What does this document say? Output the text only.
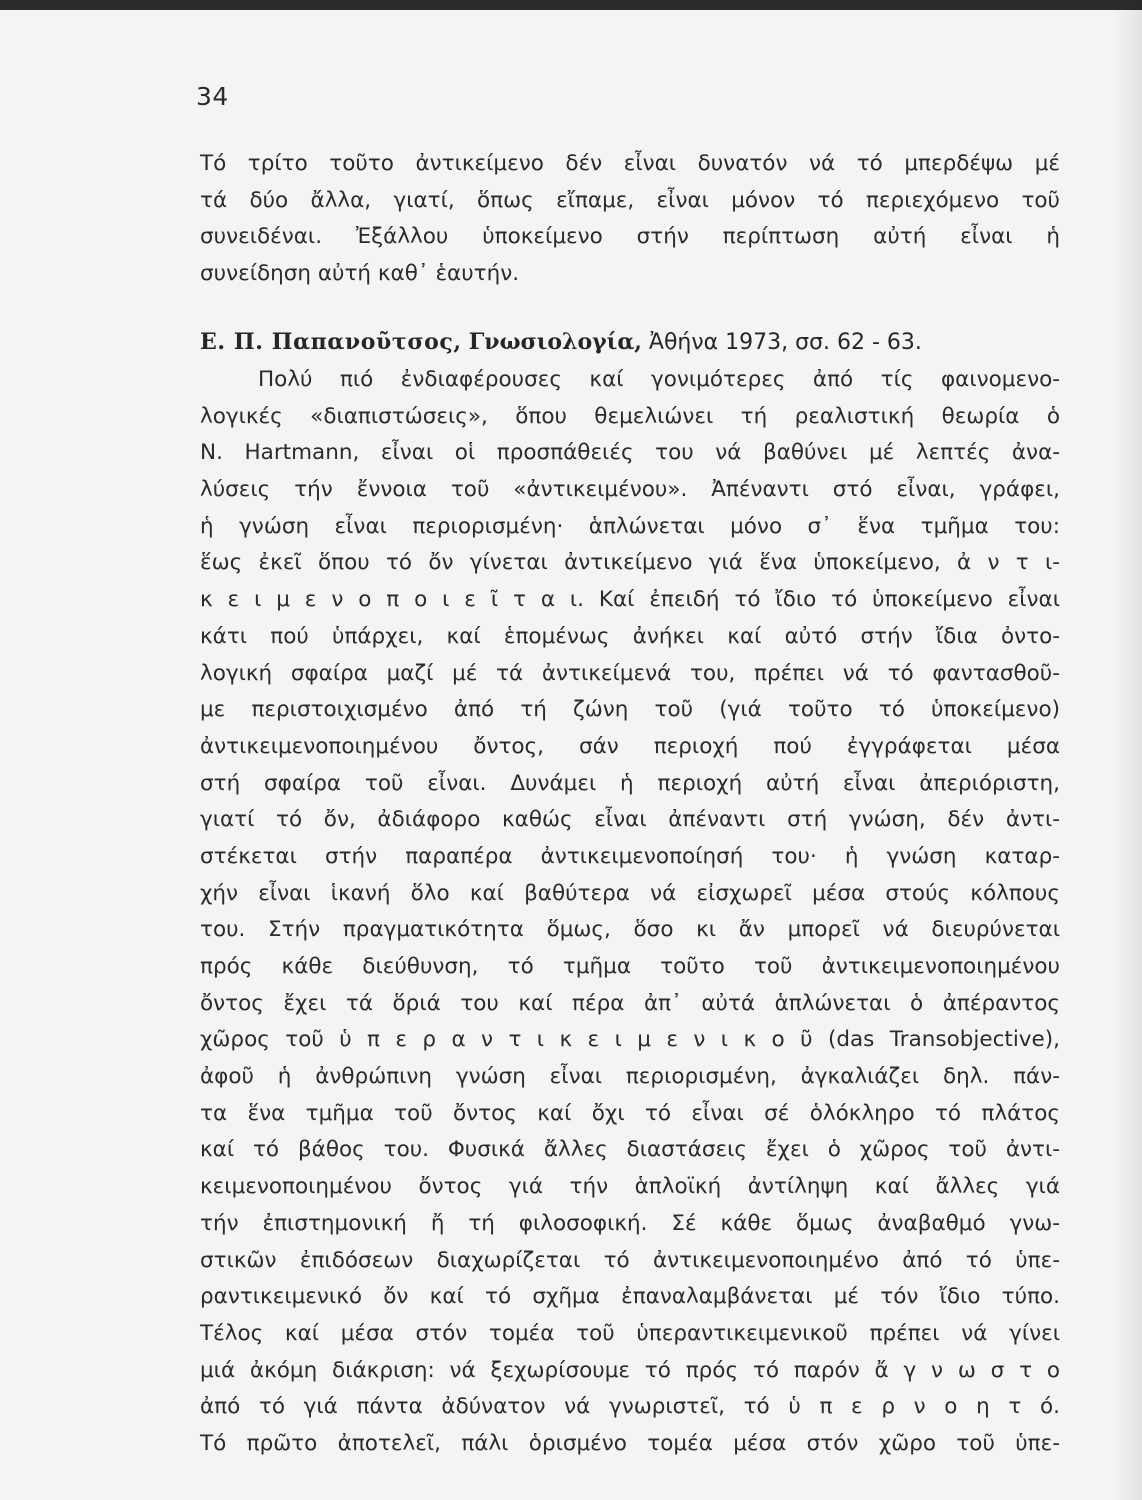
34
Τό τρίτο τοῦτο ἀντικείμενο δέν εἶναι δυνατόν νά τό μπερδέψω μέ
τά δύο ἄλλα, γιατί, ὅπως εἴπαμε, εἶναι μόνον τό περιεχόμενο τοῦ
συνειδέναι. Ἐξάλλου ὑποκείμενο στήν περίπτωση αὐτή εἶναι ἡ
συνείδηση αὐτή καθ᾿ ἑαυτήν.
Ε. Π. Παπανοῦτσος, Γνωσιολογία, Ἀθήνα 1973, σσ. 62 - 63.
Πολύ πιό ἐνδιαφέρουσες καί γονιμότερες ἀπό τίς φαινομενο-
λογικές «διαπιστώσεις», ὅπου θεμελιώνει τή ρεαλιστική θεωρία ὁ
N. Hartmann, εἶναι οἱ προσπάθειές του νά βαθύνει μέ λεπτές ἀνα-
λύσεις τήν ἔννοια τοῦ «ἀντικειμένου». Ἀπέναντι στό εἶναι, γράφει,
ἡ γνώση εἶναι περιορισμένη· ἁπλώνεται μόνο σ᾿ ἕνα τμῆμα του:
ἕως ἐκεῖ ὅπου τό ὄν γίνεται ἀντικείμενο γιά ἕνα ὑποκείμενο, ἀ ν τ ι-
κ ε ι μ ε ν ο π ο ι ε ῖ τ α ι. Καί ἐπειδή τό ἴδιο τό ὑποκείμενο εἶναι
κάτι πού ὑπάρχει, καί ἑπομένως ἀνήκει καί αὐτό στήν ἴδια ὀντο-
λογική σφαίρα μαζί μέ τά ἀντικείμενά του, πρέπει νά τό φαντασθοῦ-
με περιστοιχισμένο ἀπό τή ζώνη τοῦ (γιά τοῦτο τό ὑποκείμενο)
ἀντικειμενοποιημένου ὄντος, σάν περιοχή πού ἐγγράφεται μέσα
στή σφαίρα τοῦ εἶναι. Δυνάμει ἡ περιοχή αὐτή εἶναι ἀπεριόριστη,
γιατί τό ὄν, ἀδιάφορο καθώς εἶναι ἀπέναντι στή γνώση, δέν ἀντι-
στέκεται στήν παραπέρα ἀντικειμενοποίησή του· ἡ γνώση καταρ-
χήν εἶναι ἱκανή ὅλο καί βαθύτερα νά εἰσχωρεῖ μέσα στούς κόλπους
του. Στήν πραγματικότητα ὅμως, ὅσο κι ἄν μπορεῖ νά διευρύνεται
πρός κάθε διεύθυνση, τό τμῆμα τοῦτο τοῦ ἀντικειμενοποιημένου
ὄντος ἔχει τά ὅριά του καί πέρα ἀπ᾿ αὐτά ἁπλώνεται ὁ ἀπέραντος
χῶρος τοῦ ὑ π ε ρ α ν τ ι κ ε ι μ ε ν ι κ ο ῦ (das Transobjective),
ἀφοῦ ἡ ἀνθρώπινη γνώση εἶναι περιορισμένη, ἀγκαλιάζει δηλ. πάν-
τα ἕνα τμῆμα τοῦ ὄντος καί ὄχι τό εἶναι σέ ὁλόκληρο τό πλάτος
καί τό βάθος του. Φυσικά ἄλλες διαστάσεις ἔχει ὁ χῶρος τοῦ ἀντι-
κειμενοποιημένου ὄντος γιά τήν ἁπλοϊκή ἀντίληψη καί ἄλλες γιά
τήν ἐπιστημονική ἤ τή φιλοσοφική. Σέ κάθε ὅμως ἀναβαθμό γνω-
στικῶν ἐπιδόσεων διαχωρίζεται τό ἀντικειμενοποιημένο ἀπό τό ὑπε-
ραντικειμενικό ὄν καί τό σχῆμα ἐπαναλαμβάνεται μέ τόν ἴδιο τύπο.
Τέλος καί μέσα στόν τομέα τοῦ ὑπεραντικειμενικοῦ πρέπει νά γίνει
μιά ἀκόμη διάκριση: νά ξεχωρίσουμε τό πρός τό παρόν ἄ γ ν ω σ τ ο
ἀπό τό γιά πάντα ἀδύνατον νά γνωριστεῖ, τό ὑ π ε ρ ν ο η τ ό.
Τό πρῶτο ἀποτελεῖ, πάλι ὁρισμένο τομέα μέσα στόν χῶρο τοῦ ὑπε-
